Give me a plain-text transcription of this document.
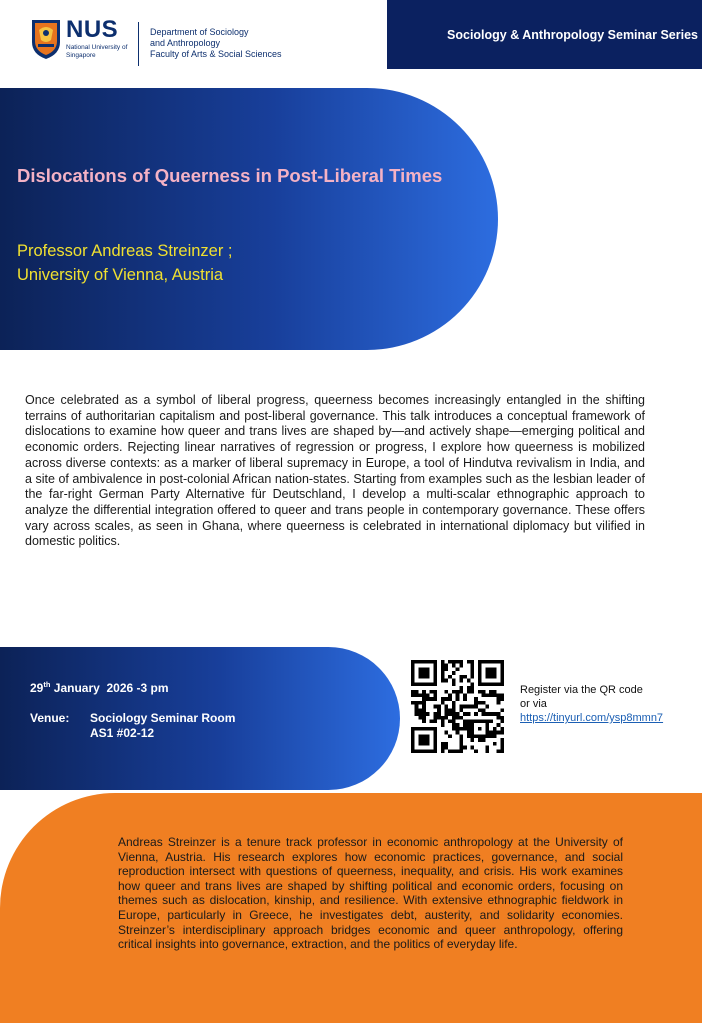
NUS
National University of Singapore
Department of Sociology
and Anthropology
Faculty of Arts & Social Sciences
Sociology & Anthropology Seminar Series
Dislocations of Queerness in Post-Liberal Times
Professor Andreas Streinzer ;
University of Vienna, Austria
Once celebrated as a symbol of liberal progress, queerness becomes increasingly entangled in the shifting terrains of authoritarian capitalism and post-liberal governance. This talk introduces a conceptual framework of dislocations to examine how queer and trans lives are shaped by—and actively shape—emerging political and economic orders. Rejecting linear narratives of regression or progress, I explore how queerness is mobilized across diverse contexts: as a marker of liberal supremacy in Europe, a tool of Hindutva revivalism in India, and a site of ambivalence in post-colonial African nation-states. Starting from examples such as the lesbian leader of the far-right German Party Alternative für Deutschland, I develop a multi-scalar ethnographic approach to analyze the differential integration offered to queer and trans people in contemporary governance. These offers vary across scales, as seen in Ghana, where queerness is celebrated in international diplomacy but vilified in domestic politics.
29th January  2026 -3 pm
Venue: Sociology Seminar Room
AS1 #02-12
Register via the QR code
or via
https://tinyurl.com/ysp8mmn7
Andreas Streinzer is a tenure track professor in economic anthropology at the University of Vienna, Austria. His research explores how economic practices, governance, and social reproduction intersect with questions of queerness, inequality, and crisis. His work examines how queer and trans lives are shaped by shifting political and economic orders, focusing on themes such as dislocation, kinship, and resilience. With extensive ethnographic fieldwork in Europe, particularly in Greece, he investigates debt, austerity, and solidarity economies. Streinzer’s interdisciplinary approach bridges economic and queer anthropology, offering critical insights into governance, extraction, and the politics of everyday life.
